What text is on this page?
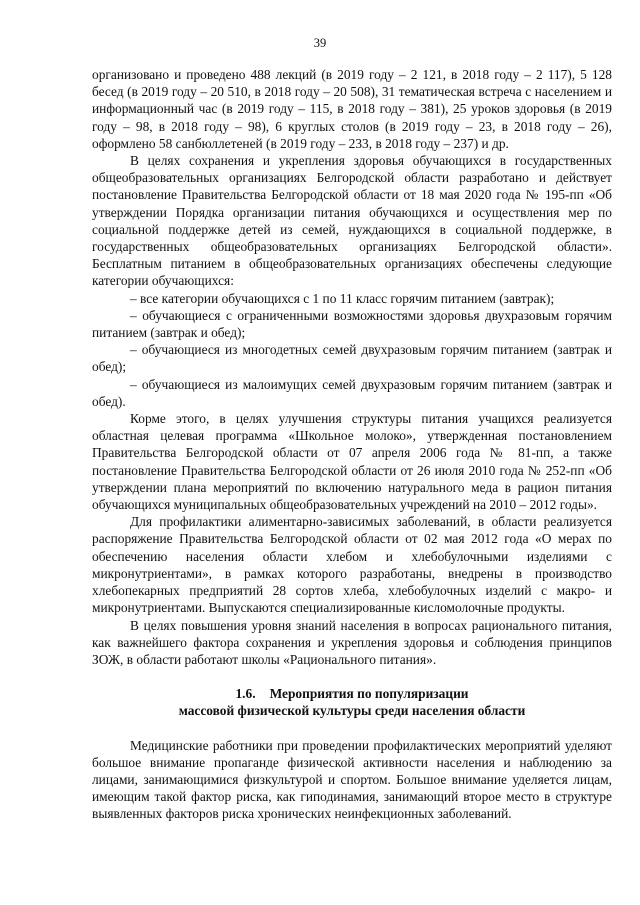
39

организовано и проведено 488 лекций (в 2019 году – 2 121, в 2018 году – 2 117), 5 128 бесед (в 2019 году – 20 510, в 2018 году – 20 508), 31 тематическая встреча с населением и информационный час (в 2019 году – 115, в 2018 году – 381), 25 уроков здоровья (в 2019 году – 98, в 2018 году – 98), 6 круглых столов (в 2019 году – 23, в 2018 году – 26), оформлено 58 санбюллетеней (в 2019 году – 233, в 2018 году – 237) и др.

В целях сохранения и укрепления здоровья обучающихся в государственных общеобразовательных организациях Белгородской области разработано и действует постановление Правительства Белгородской области от 18 мая 2020 года № 195-пп «Об утверждении Порядка организации питания обучающихся и осуществления мер по социальной поддержке детей из семей, нуждающихся в социальной поддержке, в государственных общеобразовательных организациях Белгородской области». Бесплатным питанием в общеобразовательных организациях обеспечены следующие категории обучающихся:

– все категории обучающихся с 1 по 11 класс горячим питанием (завтрак);

– обучающиеся с ограниченными возможностями здоровья двухразовым горячим питанием (завтрак и обед);

– обучающиеся из многодетных семей двухразовым горячим питанием (завтрак и обед);

– обучающиеся из малоимущих семей двухразовым горячим питанием (завтрак и обед).

Корме этого, в целях улучшения структуры питания учащихся реализуется областная целевая программа «Школьное молоко», утвержденная постановлением Правительства Белгородской области от 07 апреля 2006 года № 81-пп, а также постановление Правительства Белгородской области от 26 июля 2010 года № 252-пп «Об утверждении плана мероприятий по включению натурального меда в рацион питания обучающихся муниципальных общеобразовательных учреждений на 2010 – 2012 годы».

Для профилактики алиментарно-зависимых заболеваний, в области реализуется распоряжение Правительства Белгородской области от 02 мая 2012 года «О мерах по обеспечению населения области хлебом и хлебобулочными изделиями с микронутриентами», в рамках которого разработаны, внедрены в производство хлебопекарных предприятий 28 сортов хлеба, хлебобулочных изделий с макро- и микронутриентами. Выпускаются специализированные кисломолочные продукты.

В целях повышения уровня знаний населения в вопросах рационального питания, как важнейшего фактора сохранения и укрепления здоровья и соблюдения принципов ЗОЖ, в области работают школы «Рационального питания».

1.6. Мероприятия по популяризации
массовой физической культуры среди населения области

Медицинские работники при проведении профилактических мероприятий уделяют большое внимание пропаганде физической активности населения и наблюдению за лицами, занимающимися физкультурой и спортом. Большое внимание уделяется лицам, имеющим такой фактор риска, как гиподинамия, занимающий второе место в структуре выявленных факторов риска хронических неинфекционных заболеваний.
